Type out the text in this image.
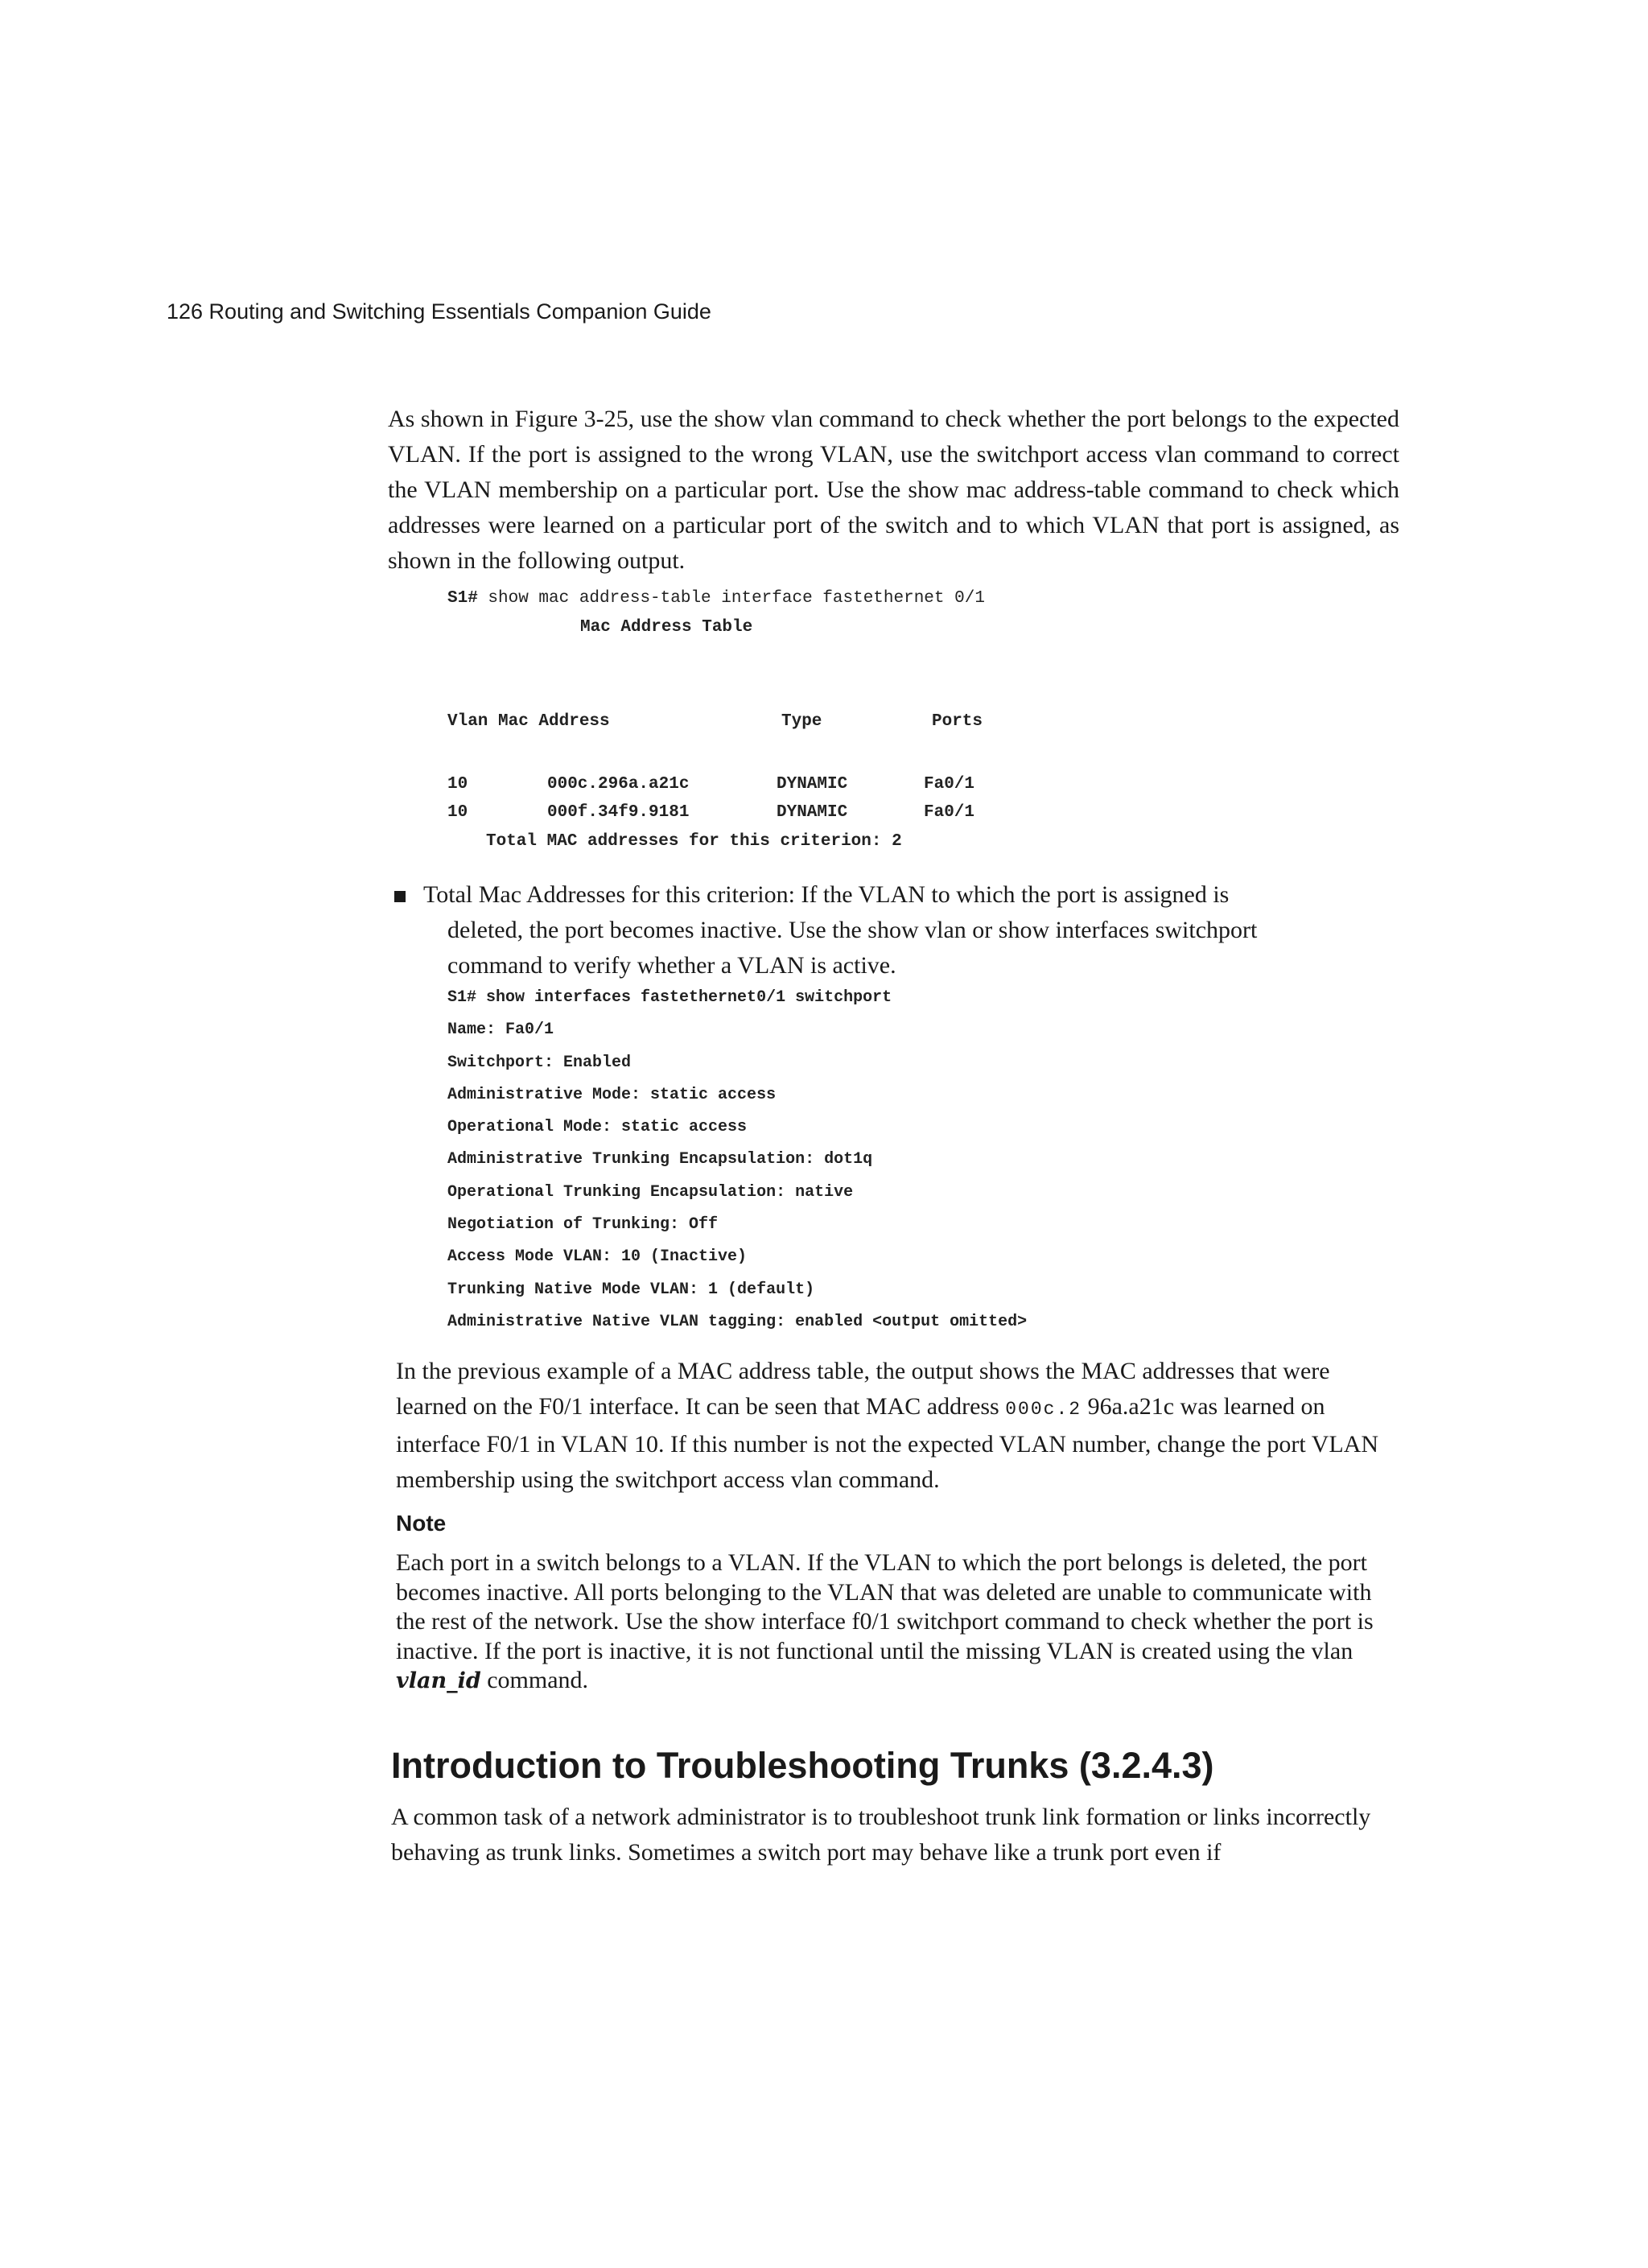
126 Routing and Switching Essentials Companion Guide

As shown in Figure 3-25, use the show vlan command to check whether the port belongs to the expected VLAN. If the port is assigned to the wrong VLAN, use the switchport access vlan command to correct the VLAN membership on a particular port. Use the show mac address-table command to check which addresses were learned on a particular port of the switch and to which VLAN that port is assigned, as shown in the following output.

S1# show mac address-table interface fastethernet 0/1
Mac Address Table
Vlan Mac Address	Type	Ports
10	000c.296a.a21c	DYNAMIC	Fa0/1
10	000f.34f9.9181	DYNAMIC	Fa0/1
Total MAC addresses for this criterion: 2
Total Mac Addresses for this criterion: If the VLAN to which the port is assigned is
deleted, the port becomes inactive. Use the show vlan or show interfaces switchport command to verify whether a VLAN is active.
S1# show interfaces fastethernet0/1 switchport
Name: Fa0/1
Switchport: Enabled
Administrative Mode: static access
Operational Mode: static access
Administrative Trunking Encapsulation: dot1q
Operational Trunking Encapsulation: native
Negotiation of Trunking: Off
Access Mode VLAN: 10 (Inactive)
Trunking Native Mode VLAN: 1 (default)
Administrative Native VLAN tagging: enabled <output omitted>

In the previous example of a MAC address table, the output shows the MAC addresses that were learned on the F0/1 interface. It can be seen that MAC address 000c.2 96a.a21c was learned on interface F0/1 in VLAN 10. If this number is not the expected VLAN number, change the port VLAN membership using the switchport access vlan command.

Note

Each port in a switch belongs to a VLAN. If the VLAN to which the port belongs is deleted, the port becomes inactive. All ports belonging to the VLAN that was deleted are unable to communicate with the rest of the network. Use the show interface f0/1 switchport command to check whether the port is inactive. If the port is inactive, it is not functional until the missing VLAN is created using the vlan vlan_id command.

Introduction to Troubleshooting Trunks (3.2.4.3)

A common task of a network administrator is to troubleshoot trunk link formation or links incorrectly behaving as trunk links. Sometimes a switch port may behave like a trunk port even if
